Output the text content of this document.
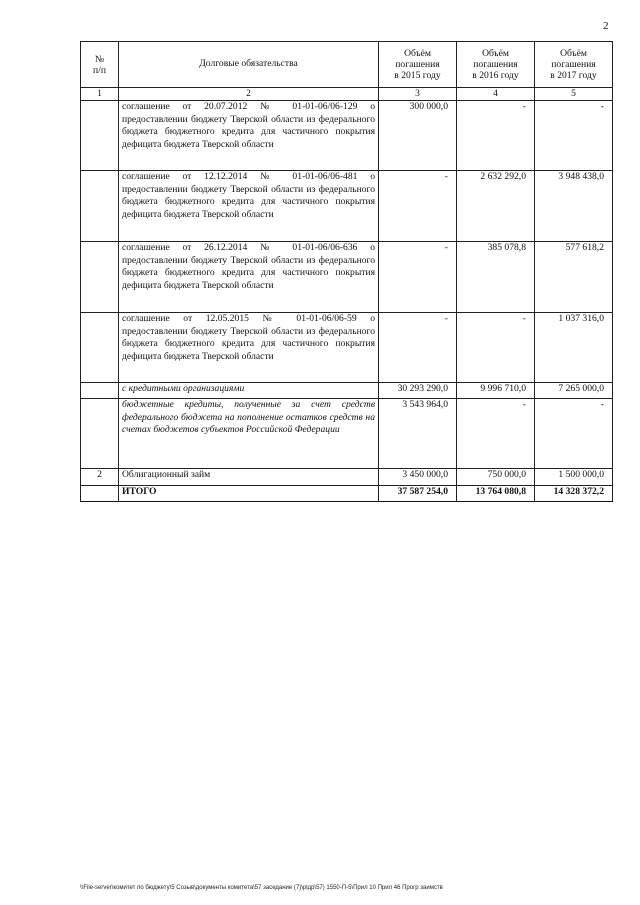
2
№
п/п	Долговые обязательства	Объём
погашения
в 2015 году	Объём
погашения
в 2016 году	Объём
погашения
в 2017 году

1	2	3	4	5
	соглашение от 20.07.2012 № 01-01-06/06-129 о предоставлении бюджету Тверской области из федерального бюджета бюджетного кредита для частичного покрытия дефицита бюджета Тверской области	300 000,0	-	-
	соглашение от 12.12.2014 № 01-01-06/06-481 о предоставлении бюджету Тверской области из федерального бюджета бюджетного кредита для частичного покрытия дефицита бюджета Тверской области	-	2 632 292,0	3 948 438,0
	соглашение от 26.12.2014 № 01-01-06/06-636 о предоставлении бюджету Тверской области из федерального бюджета бюджетного кредита для частичного покрытия дефицита бюджета Тверской области	-	385 078,8	577 618,2
	соглашение от 12.05.2015 № 01-01-06/06-59 о предоставлении бюджету Тверской области из федерального бюджета бюджетного кредита для частичного покрытия дефицита бюджета Тверской области	-	-	1 037 316,0
	с кредитными организациями	30 293 290,0	9 996 710,0	7 265 000,0
	бюджетные кредиты, полученные за счет средств федерального бюджета на пополнение остатков средств на счетах бюджетов субъектов Российской Федерации	3 543 964,0	-	-
2	Облигационный займ	3 450 000,0	750 000,0	1 500 000,0
	ИТОГО	37 587 254,0	13 764 080,8	14 328 372,2
\\File-server\комитет по бюджету\5 Созыв\документы комитета\57 заседание (7)\рlдр\57) 1550-П-5\Прил 10 Прил 46 Прогр заимств
